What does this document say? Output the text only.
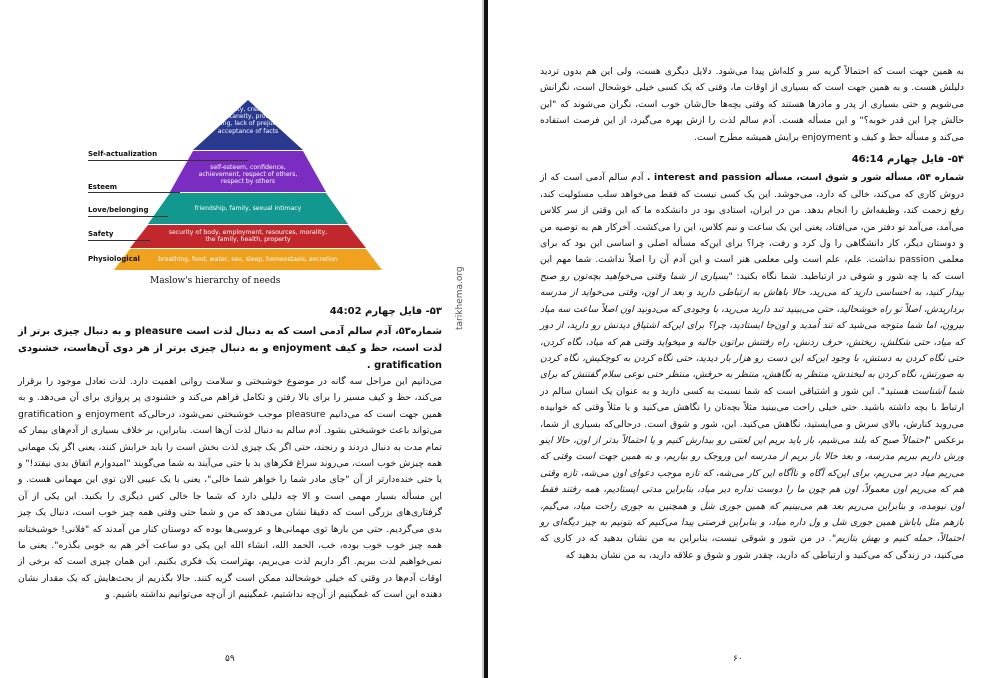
morality, creativity, spontaneity, problem solving, lack of prejudice, acceptance of facts
self-esteem, confidence, achievement, respect of others, respect by others
friendship, family, sexual intimacy
security of body, employment, resources, morality, the family, health, property
breathing, food, water, sex, sleep, homeostasis, excretion
Self-actualization
Esteem
Love/belonging
Safety
Physiological
Maslow's hierarchy of needs
۵۳- فایل چهارم 44:02

شماره۵۳، آدم سالم آدمی است که به دنبال لذت است pleasure و به دنبال چیزی برتر از لذت است، حظ و کیف enjoyment و به دنبال چیزی برتر از هر دوی آن‌هاست، خشنودی gratification .

می‌دانیم این مراحل سه گانه در موضوع خوشبختی و سلامت روانی اهمیت دارد. لذت تعادل موجود را برقرار می‌کند، حظ و کیف مسیر را برای بالا رفتن و تکامل فراهم می‌کند و خشنودی پر پروازی برای آن می‌دهد. و به همین جهت است که می‌دانیم pleasure موجب خوشبختی نمی‌شود، درحالی‌که enjoyment و gratification می‌تواند باعث خوشبختی بشود. آدم سالم به دنبال لذت آن‌ها است. بنابراین، بر خلاف بسیاری از آدم‌های بیمار که تمام مدت به دنبال دردند و رنجند، حتی اگر یک چیزی لذت بخش است را باید خرابش کنند، یعنی اگر یک مهمانی همه چیزش خوب است، می‌روند سراغ فکرهای بد یا حتی می‌آیند به شما می‌گویند "امیدوارم اتفاق بدی نیفتد!" و یا حتی خنده‌دارتر از آن "جای مادر شما را خواهر شما خالی"، یعنی با یک عیبی الان توی این مهمانی هست. و این مسأله بسیار مهمی است و الا چه دلیلی دارد که شما جا خالی کس دیگری را بکنید. این یکی از آن گرفتاری‌های بزرگی است که دقیقا نشان می‌دهد که من و شما حتی وقتی همه چیز خوب است، دنبال یک چیز بدی می‌گردیم. حتی من بارها توی مهمانی‌ها و عروسی‌ها بوده که دوستان کنار من آمدند که "فلانی! خوشبختانه همه چیز خوب خوب بوده، خب، الحمد الله، انشاء الله این یکی دو ساعت آخر هم به خوبی بگذره". یعنی ما نمی‌خواهیم لذت ببریم. اگر داریم لذت می‌بریم، بهتراست یک فکری بکنیم. این همان چیزی است که برخی از اوقات آدم‌ها در وقتی که خیلی خوشحالند ممکن است گریه کنند. حالا بگذریم از بحث‌هایش که یک مقدار نشان دهنده این است که غمگینیم از آن‌چه نداشتیم، غمگینیم از آن‌چه می‌توانیم نداشته باشیم. و

۵۹
tarikhema.org

به همین جهت است که احتمالاً گریه سر و کله‌اش پیدا می‌شود. دلایل دیگری هست، ولی این هم بدون تردید دلیلش هست. و به همین جهت است که بسیاری از اوقات ما، وقتی که یک کسی خیلی خوشحال است، نگرانش می‌شویم و حتی بسیاری از پدر و مادرها هستند که وقتی بچه‌ها حال‌شان خوب است، نگران می‌شوند که "این حالش چرا این قدر خوبه؟" و این مسأله هست. آدم سالم لذت را ازش بهره می‌گیرد، از این فرصت استفاده می‌کند و مسأله حظ و کیف و enjoyment برایش همیشه مطرح است.

۵۴- فایل چهارم 46:14

شماره ۵۴، مسأله شور و شوق است، مسأله interest and passion . آدم سالم آدمی است که از دروش کاری که می‌کند، خالی که دارد، می‌جوشد. این یک کسی نیست که فقط می‌خواهد سلب مسئولیت کند، رفع زحمت کند، وظیفه‌اش را انجام بدهد. من در ایران، استادی بود در دانشکده ما که این وقتی از سر کلاس می‌آمد، می‌آمد تو دفتر من، می‌افتاد، یعنی این یک ساعت و نیم کلاس، این را می‌کشت. آخرکار هم به توصیه من و دوستان دیگر، کار دانشگاهی را ول کرد و رفت، چرا؟ برای این‌که مسأله اصلی و اساسی این بود که برای معلمی passion نداشت. علم، علم است ولی معلمی هنر است و این آدم آن را اصلاً نداشت. شما مهم این است که با چه شور و شوقی در ارتباطید. شما نگاه بکنید: "بسیاری از شما وقتی می‌خواهید بچه‌تون رو صبح بیدار کنید، به احساسی دارید که می‌رید، حالا باهاش به ارتباطی دارید و بعد از اون، وقتی می‌خواید از مدرسه برداریدش، اصلاً تو راه خوشحالید، حتی می‌بینید تند دارید می‌رید، با وجودی که می‌دونید اون اصلاً ساعت سه میاد بیرون، اما شما متوجه می‌شید که تند اُمدید و اون‌جا ایستادید، چرا؟ برای این‌که اشتیاق دیدنش رو دارید، از دور که میاد، حتی شکلش، ریختش، حرف زدنش، راه رفتنش براتون جالبه و میخواید وقتی هم که میاد، نگاه کردن، حتی نگاه کردن به دستش، با وجود این‌که این دست رو هزار بار دیدید، حتی نگاه کردن به کوچکیش، نگاه کردن به صورتش، نگاه کردن به لبخندش، منتظر به نگاهش، منتظر به حرفش، منتظر حتی نوعی سلام گفتنش که برای شما آشناست هستید". این شور و اشتیاقی است که شما نسبت به کسی دارید و به عنوان یک انسان سالم در ارتباط با بچه داشته باشید. حتی خیلی راحت می‌بینید مثلاً بچه‌تان را نگاهش می‌کنید و یا مثلاً وقتی که خوابیده می‌روید کنارش، بالای سرش و می‌ایستید، نگاهش می‌کنید. این، شور و شوق است. درحالی‌که بسیاری از شما، برعکس "احتمالاً صبح که بلند می‌شیم، باز باید بریم این لعنتی رو بیدارش کنیم و یا احتمالاً بدتر از اون، حالا اینو ورش داریم ببریم مدرسه، و بعد حالا باز بریم از مدرسه این وروجک رو بیاریم، و به همین جهت است وقتی که می‌ریم میاد دیر می‌ریم، برای این‌که آگاه و ناآگاه این کار می‌شه، که تازه موجب دعوای اون می‌شه، تازه وقتی هم که می‌ریم اون معمولاً، اون هم چون ما را دوست نداره دیر میاد، بنابراین مدتی ایستادیم، همه رفتند فقط اون نیومده، و بنابراین می‌ریم بعد هم می‌بینیم که همین جوری شل و همچنین به جوری راحت میاد، می‌گیم، بازهم مثل باباش همین جوری شل و ول داره میاد، و بنابراین فرصتی پیدا می‌کنیم که بتونیم به چیز دیگه‌ای رو احتمالاً، حمله کنیم و بهش بتازیم". در من شور و شوقی نیست، بنابراین به من نشان بدهید که در کاری که می‌کنید، در زندگی که می‌کنید و ارتباطی که دارید، چقدر شور و شوق و علاقه دارید، به من نشان بدهید که

۶۰
